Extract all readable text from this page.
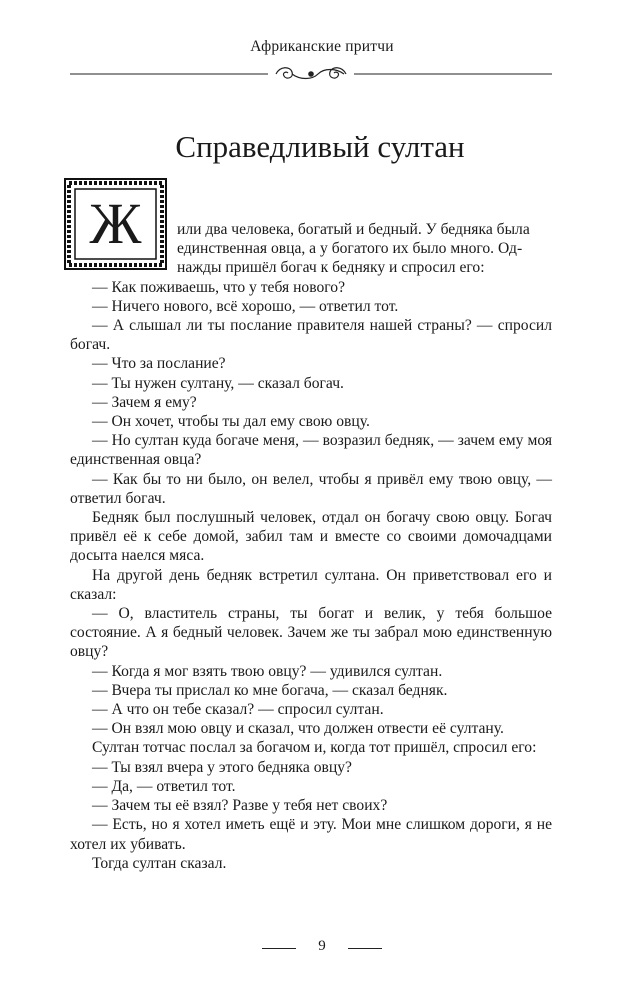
Африканские притчи
Справедливый султан
Ж	или два человека, богатый и бедный. У бедняка была

единственная овца, а у богатого их было много. Од-

нажды пришёл богач к бедняку и спросил его:

— Как поживаешь, что у тебя нового?

— Ничего нового, всё хорошо, — ответил тот.

— А слышал ли ты послание правителя нашей страны? — спросил богач.

— Что за послание?

— Ты нужен султану, — сказал богач.

— Зачем я ему?

— Он хочет, чтобы ты дал ему свою овцу.

— Но султан куда богаче меня, — возразил бедняк, — зачем ему моя единственная овца?

— Как бы то ни было, он велел, чтобы я привёл ему твою овцу, — ответил богач.

Бедняк был послушный человек, отдал он богачу свою овцу. Богач привёл её к себе домой, забил там и вместе со своими домочадцами досыта наелся мяса.

На другой день бедняк встретил султана. Он приветствовал его и сказал:

— О, властитель страны, ты богат и велик, у тебя большое состояние. А я бедный человек. Зачем же ты забрал мою единственную овцу?

— Когда я мог взять твою овцу? — удивился султан.

— Вчера ты прислал ко мне богача, — сказал бедняк.

— А что он тебе сказал? — спросил султан.

— Он взял мою овцу и сказал, что должен отвести её султану.

Султан тотчас послал за богачом и, когда тот пришёл, спросил его:

— Ты взял вчера у этого бедняка овцу?

— Да, — ответил тот.

— Зачем ты её взял? Разве у тебя нет своих?

— Есть, но я хотел иметь ещё и эту. Мои мне слишком дороги, я не хотел их убивать.

Тогда султан сказал.

9
